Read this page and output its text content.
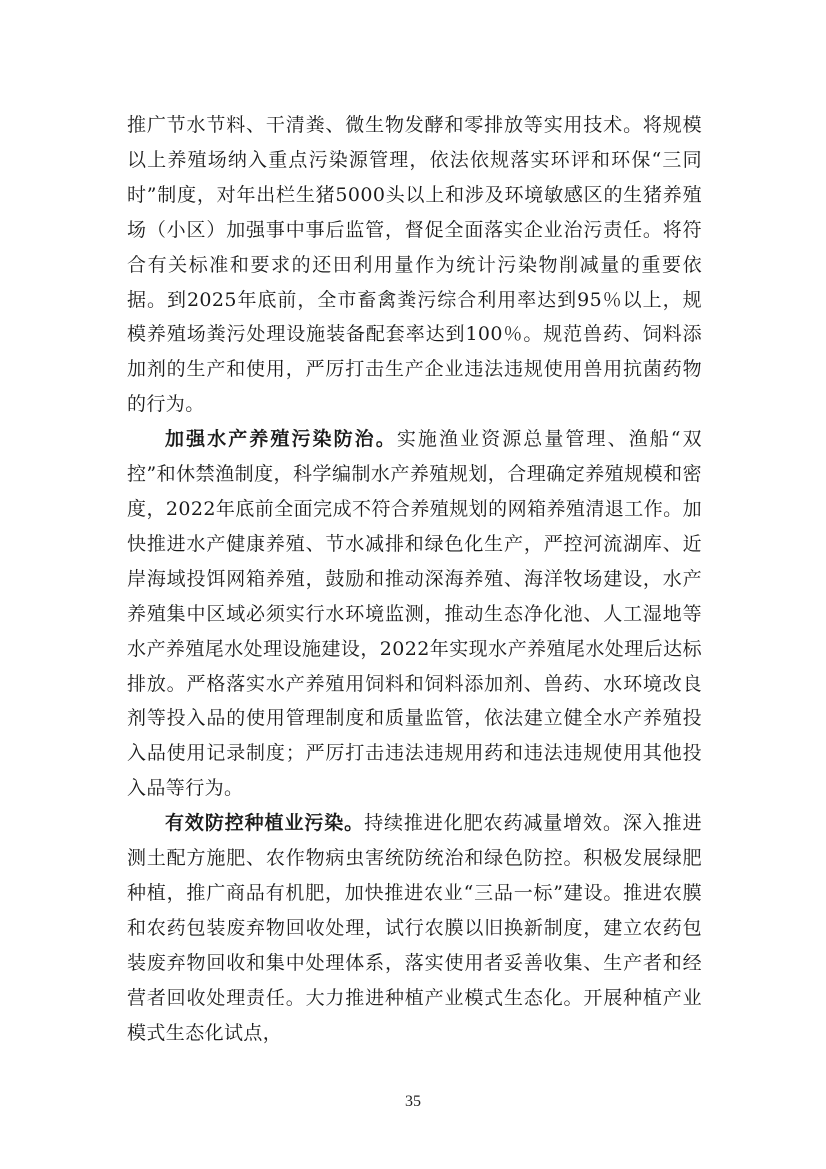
推广节水节料、干清粪、微生物发酵和零排放等实用技术。将规模以上养殖场纳入重点污染源管理，依法依规落实环评和环保“三同时”制度，对年出栏生猪5000头以上和涉及环境敏感区的生猪养殖场（小区）加强事中事后监管，督促全面落实企业治污责任。将符合有关标准和要求的还田利用量作为统计污染物削减量的重要依据。到2025年底前，全市畜禽粪污综合利用率达到95％以上，规模养殖场粪污处理设施装备配套率达到100％。规范兽药、饲料添加剂的生产和使用，严厉打击生产企业违法违规使用兽用抗菌药物的行为。

加强水产养殖污染防治。实施渔业资源总量管理、渔船“双控”和休禁渔制度，科学编制水产养殖规划，合理确定养殖规模和密度，2022年底前全面完成不符合养殖规划的网箱养殖清退工作。加快推进水产健康养殖、节水减排和绿色化生产，严控河流湖库、近岸海域投饵网箱养殖，鼓励和推动深海养殖、海洋牧场建设，水产养殖集中区域必须实行水环境监测，推动生态净化池、人工湿地等水产养殖尾水处理设施建设，2022年实现水产养殖尾水处理后达标排放。严格落实水产养殖用饲料和饲料添加剂、兽药、水环境改良剂等投入品的使用管理制度和质量监管，依法建立健全水产养殖投入品使用记录制度；严厉打击违法违规用药和违法违规使用其他投入品等行为。

有效防控种植业污染。持续推进化肥农药减量增效。深入推进测土配方施肥、农作物病虫害统防统治和绿色防控。积极发展绿肥种植，推广商品有机肥，加快推进农业“三品一标”建设。推进农膜和农药包装废弃物回收处理，试行农膜以旧换新制度，建立农药包装废弃物回收和集中处理体系，落实使用者妥善收集、生产者和经营者回收处理责任。大力推进种植产业模式生态化。开展种植产业模式生态化试点，

35
